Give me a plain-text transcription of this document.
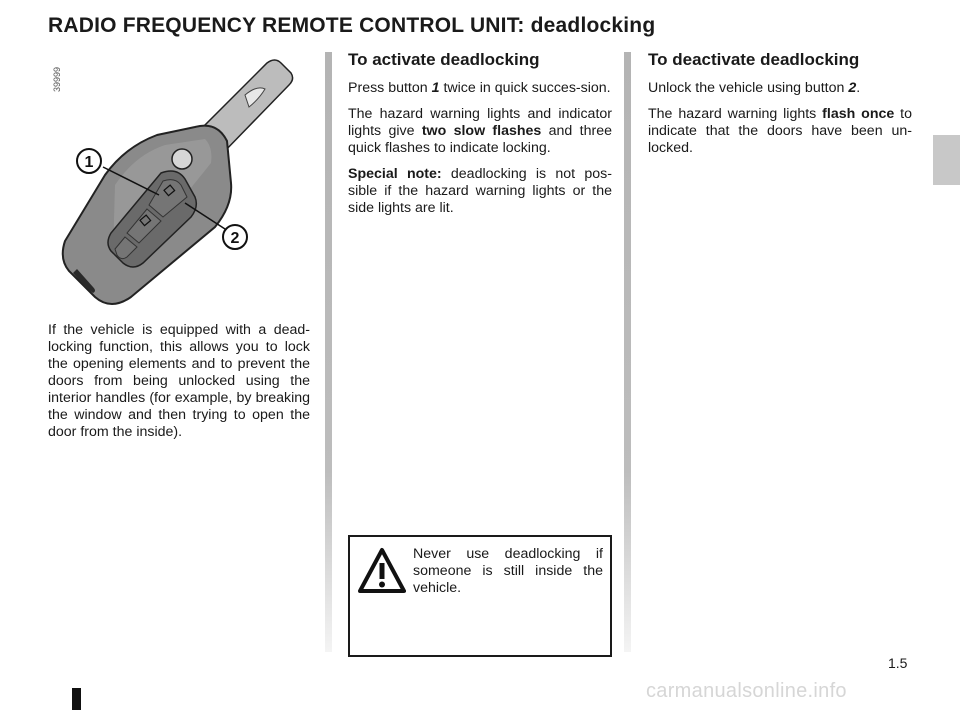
RADIO FREQUENCY REMOTE CONTROL UNIT: deadlocking
39999
1
2

If the vehicle is equipped with a dead-locking function, this allows you to lock the opening elements and to prevent the doors from being unlocked using the interior handles (for example, by breaking the window and then trying to open the door from the inside).

To activate deadlocking

Press button 1 twice in quick succes-sion.

The hazard warning lights and indicator lights give two slow flashes and three quick flashes to indicate locking.

Special note: deadlocking is not pos-sible if the hazard warning lights or the side lights are lit.

To deactivate deadlocking

Unlock the vehicle using button 2.

The hazard warning lights flash once to indicate that the doors have been un-locked.

Never use deadlocking if someone is still inside the vehicle.
1.5
carmanualsonline.info
